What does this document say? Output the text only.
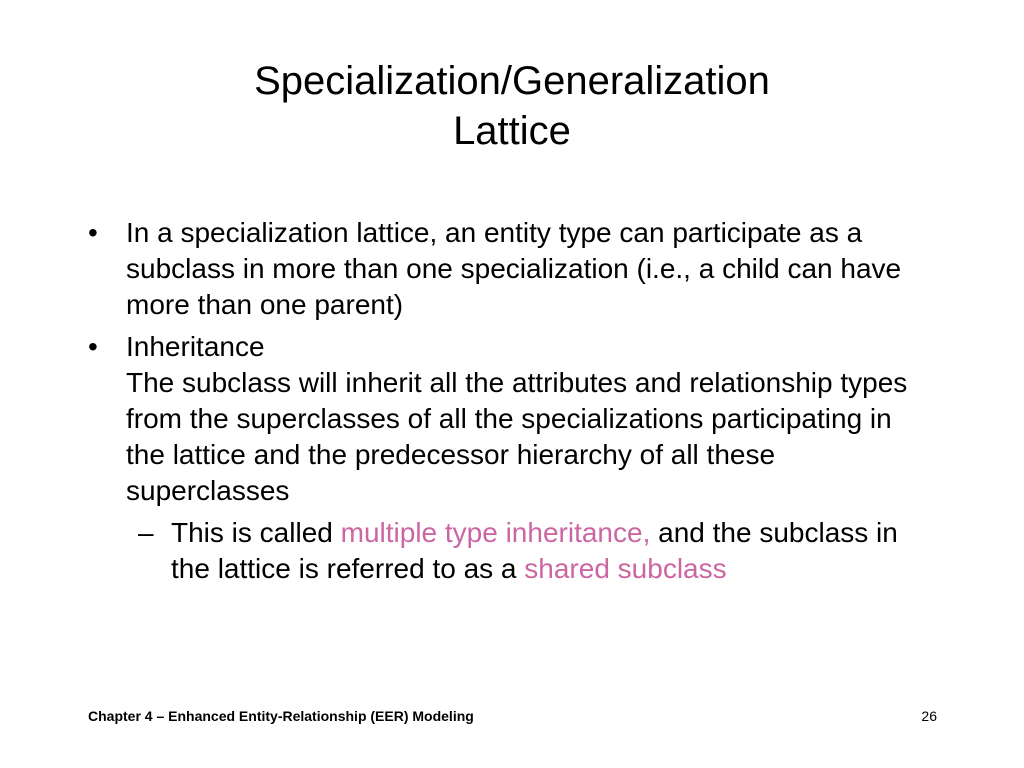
Specialization/Generalization
Lattice
• In a specialization lattice, an entity type can participate as a subclass in more than one specialization (i.e., a child can have more than one parent)
• Inheritance
The subclass will inherit all the attributes and relationship types from the superclasses of all the specializations participating in the lattice and the predecessor hierarchy of all these superclasses
– This is called multiple type inheritance, and the subclass in the lattice is referred to as a shared subclass
Chapter 4 – Enhanced Entity-Relationship (EER) Modeling	26
